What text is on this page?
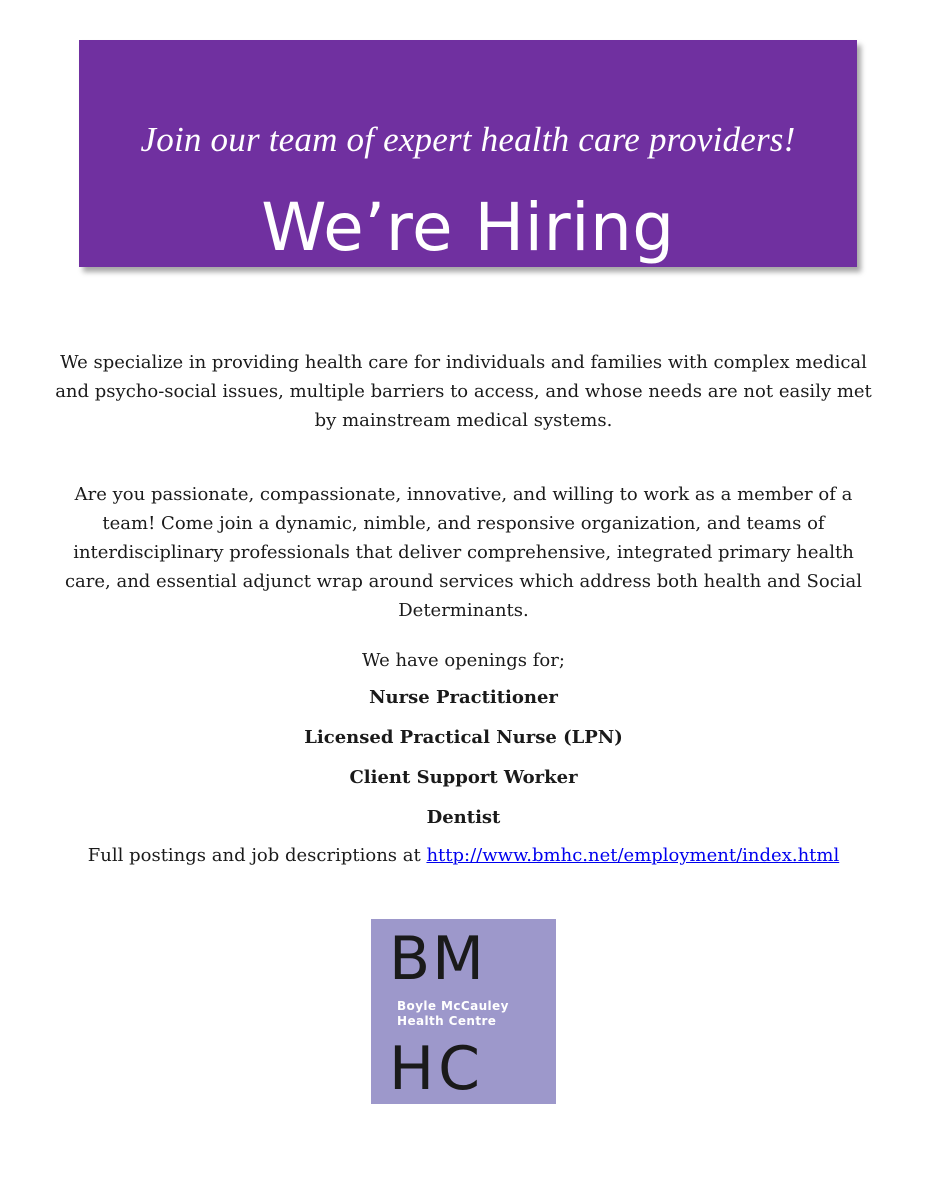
Join our team of expert health care providers!
We’re Hiring

We specialize in providing health care for individuals and families with complex medical and psycho-social issues, multiple barriers to access, and whose needs are not easily met by mainstream medical systems.

Are you passionate, compassionate, innovative, and willing to work as a member of a team! Come join a dynamic, nimble, and responsive organization, and teams of interdisciplinary professionals that deliver comprehensive, integrated primary health care, and essential adjunct wrap around services which address both health and Social Determinants.

We have openings for;
Nurse Practitioner
Licensed Practical Nurse (LPN)
Client Support Worker
Dentist
Full postings and job descriptions at http://www.bmhc.net/employment/index.html
BM
Boyle McCauley
Health Centre
HC
